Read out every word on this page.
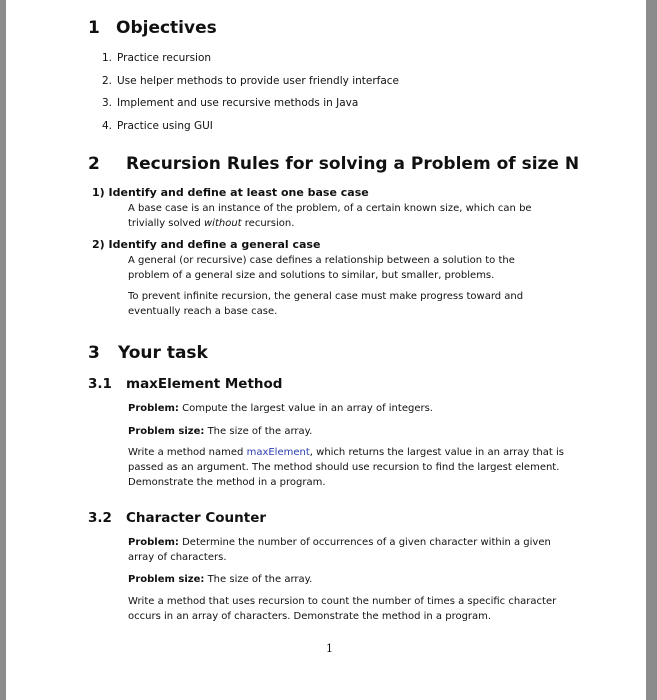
1 Objectives
1. Practice recursion
2. Use helper methods to provide user friendly interface
3. Implement and use recursive methods in Java
4. Practice using GUI
2 Recursion Rules for solving a Problem of size N
1) Identify and define at least one base case

A base case is an instance of the problem, of a certain known size, which can be trivially solved without recursion.

2) Identify and define a general case

A general (or recursive) case defines a relationship between a solution to the problem of a general size and solutions to similar, but smaller, problems.

To prevent infinite recursion, the general case must make progress toward and eventually reach a base case.

3 Your task
3.1 maxElement Method

Problem: Compute the largest value in an array of integers.

Problem size: The size of the array.

Write a method named maxElement, which returns the largest value in an array that is passed as an argument. The method should use recursion to find the largest element. Demonstrate the method in a program.

3.2 Character Counter

Problem: Determine the number of occurrences of a given character within a given array of characters.

Problem size: The size of the array.

Write a method that uses recursion to count the number of times a specific character occurs in an array of characters. Demonstrate the method in a program.

1
